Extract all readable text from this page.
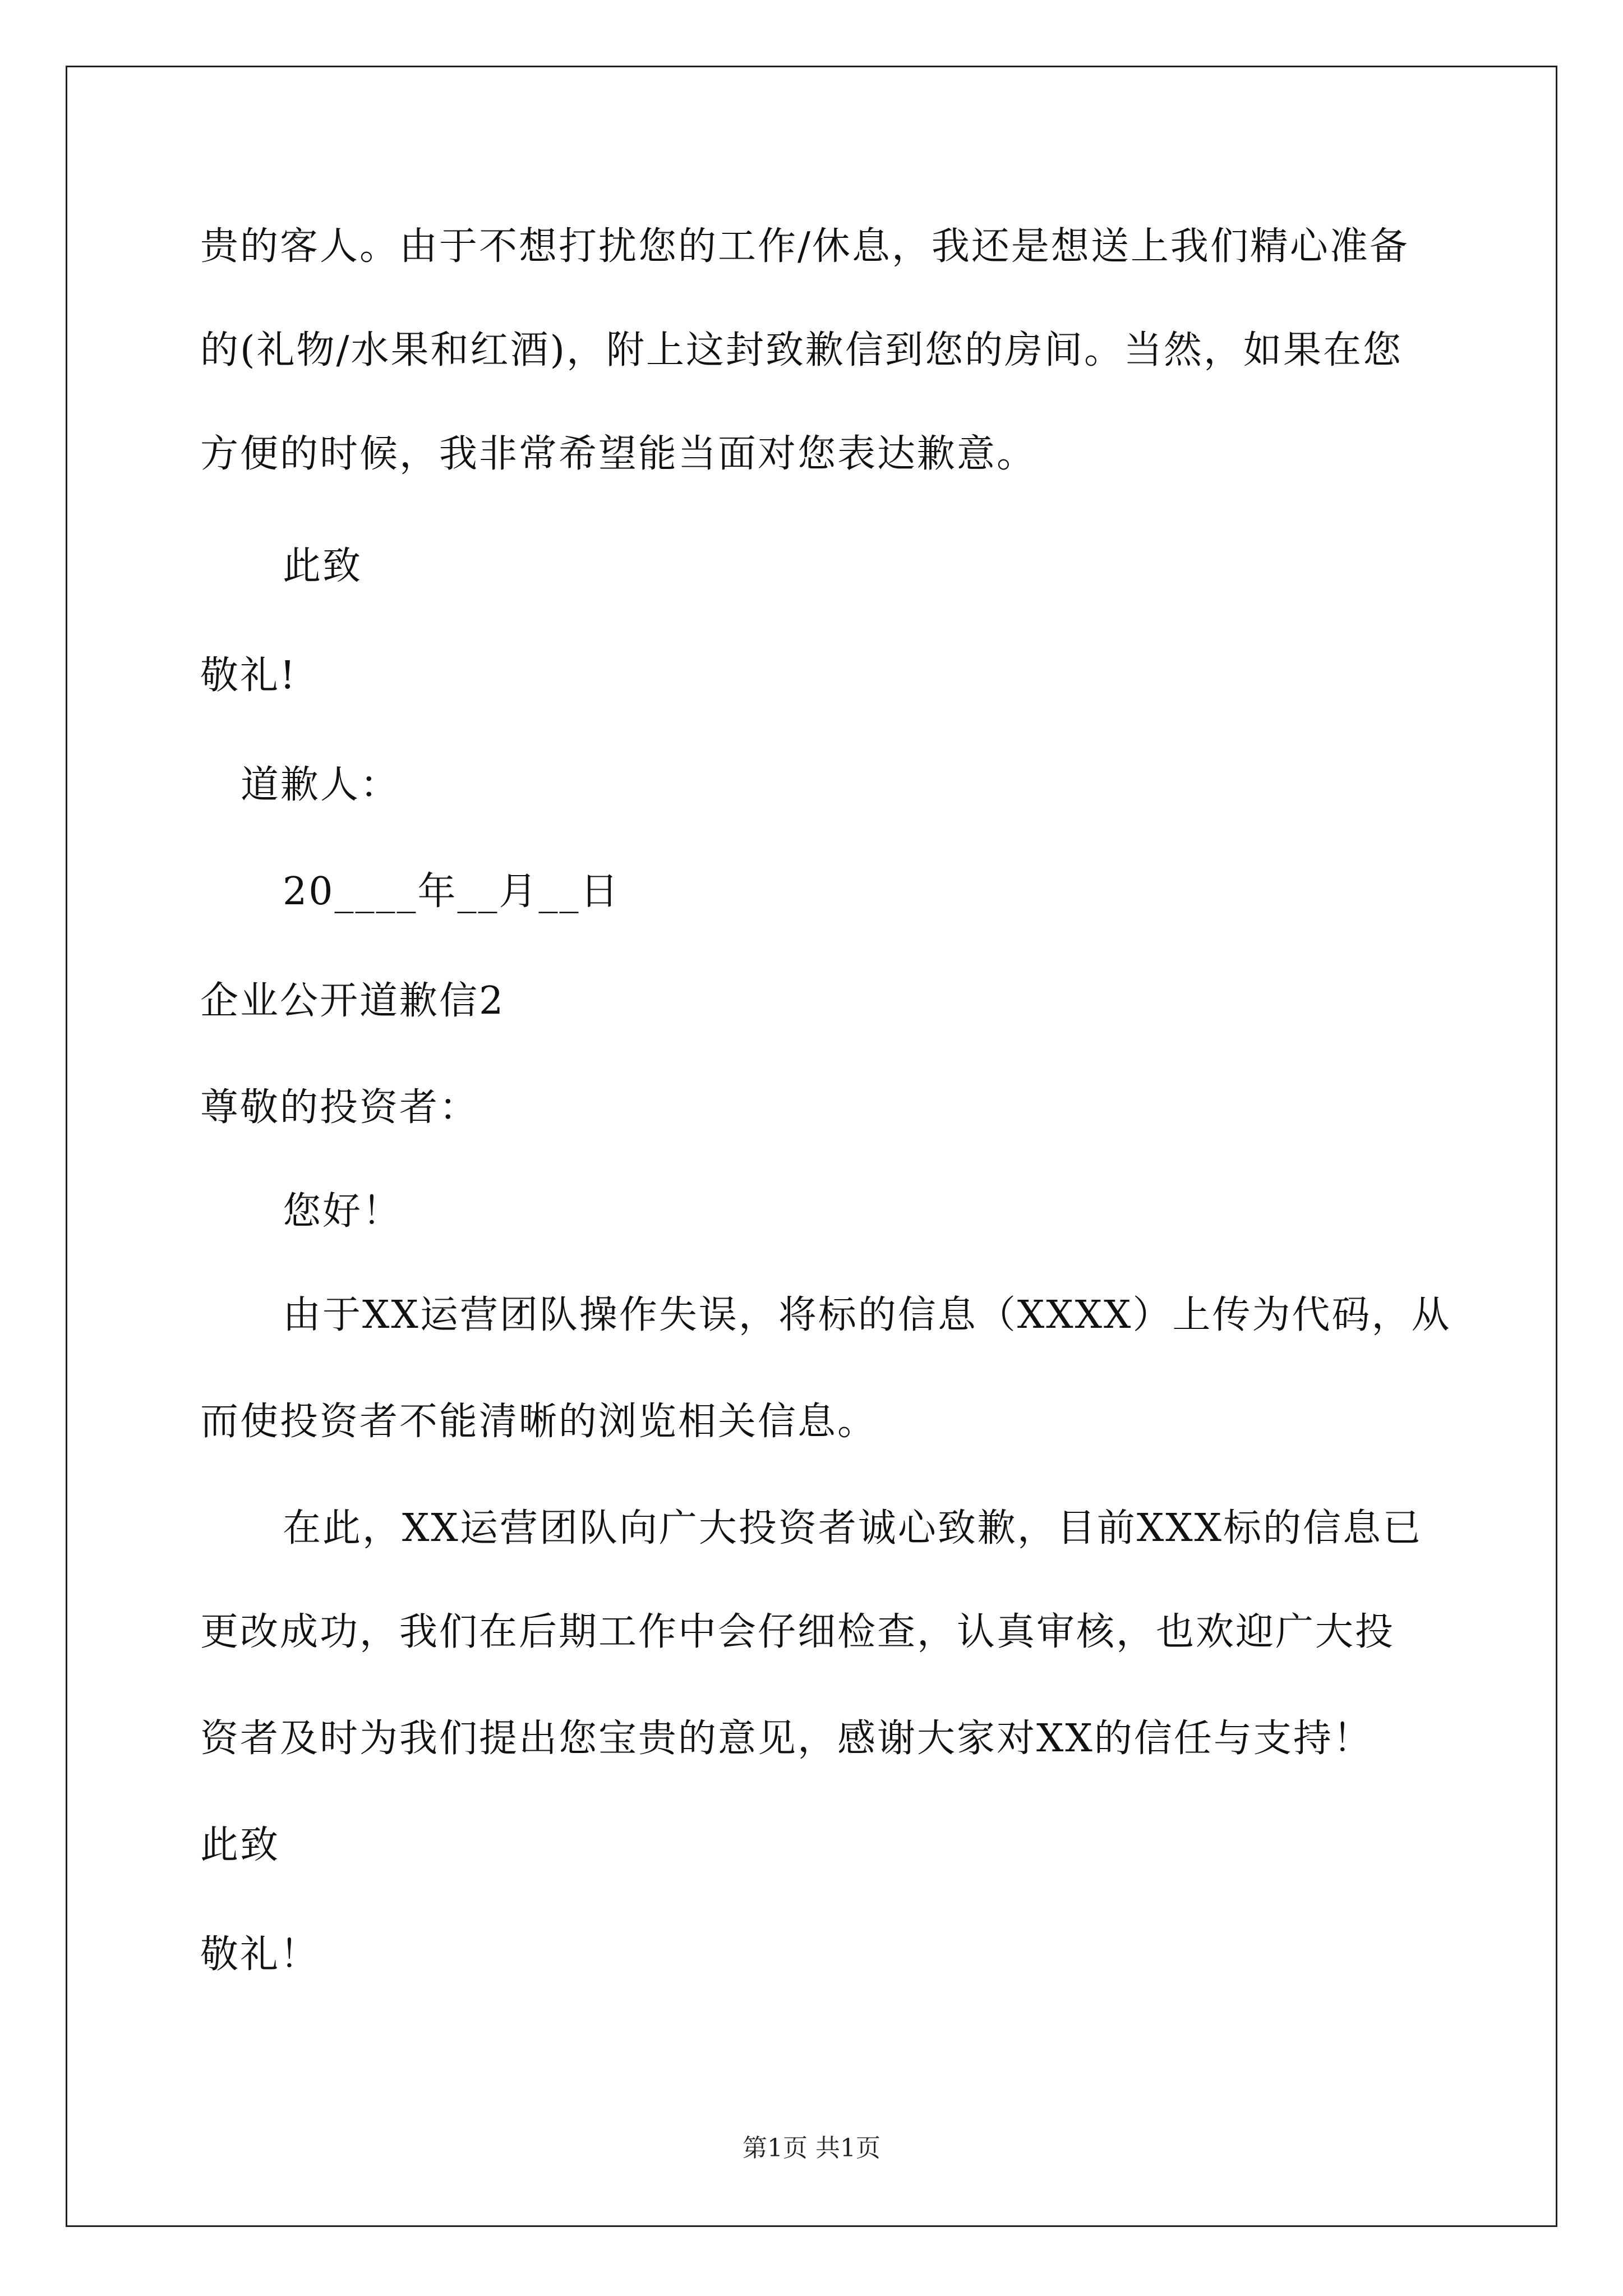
贵的客人。由于不想打扰您的工作/休息，我还是想送上我们精心准备
的(礼物/水果和红酒)，附上这封致歉信到您的房间。当然，如果在您
方便的时候，我非常希望能当面对您表达歉意。
此致
敬礼!
道歉人：
20____年__月__日
企业公开道歉信2
尊敬的投资者：
您好！
由于XX运营团队操作失误，将标的信息（XXXX）上传为代码，从
而使投资者不能清晰的浏览相关信息。
在此，XX运营团队向广大投资者诚心致歉，目前XXX标的信息已
更改成功，我们在后期工作中会仔细检查，认真审核，也欢迎广大投
资者及时为我们提出您宝贵的意见，感谢大家对XX的信任与支持！
此致
敬礼！
第1页 共1页
